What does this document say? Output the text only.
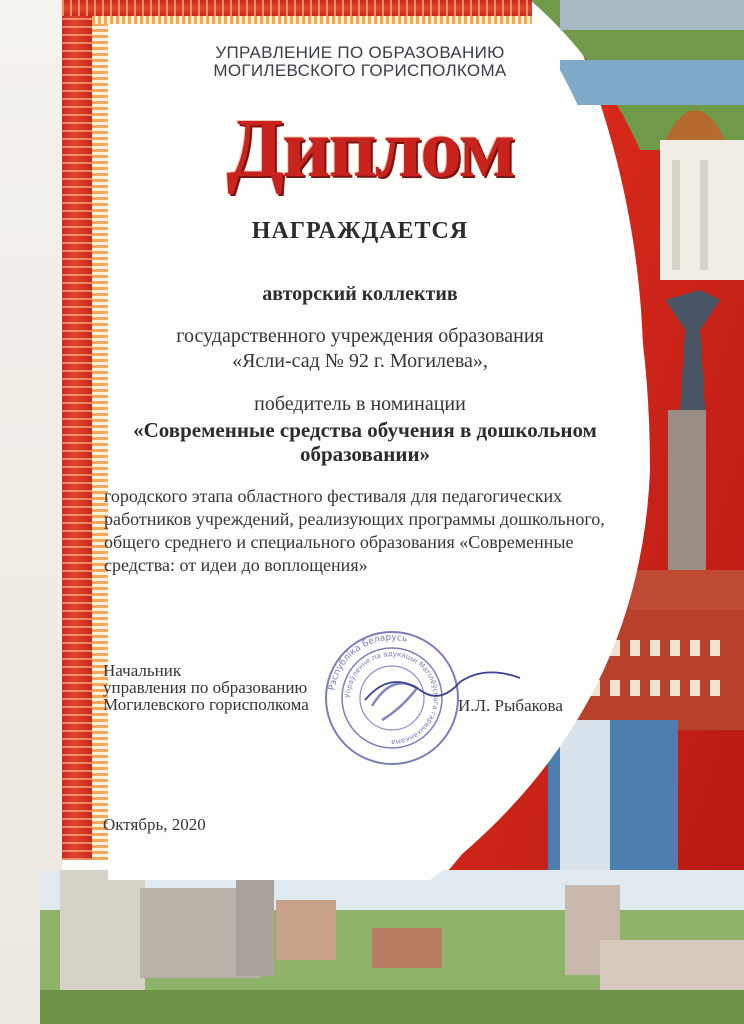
УПРАВЛЕНИЕ ПО ОБРАЗОВАНИЮ
МОГИЛЕВСКОГО ГОРИСПОЛКОМА
Диплом
НАГРАЖДАЕТСЯ
авторский коллектив
государственного учреждения образования
«Ясли-сад № 92 г. Могилева»,
победитель в номинации
«Современные средства обучения в дошкольном
образовании»
городского этапа областного фестиваля для педагогических
работников учреждений, реализующих программы дошкольного,
общего среднего и специального образования «Современные
средства: от идеи до воплощения»
Рэспубліка Беларусь
Упраўленне па адукацыі Магілёўскага гарвыканкама
Начальник
управления по образованию
Могилевского горисполкома	И.Л. Рыбакова
Октябрь, 2020
